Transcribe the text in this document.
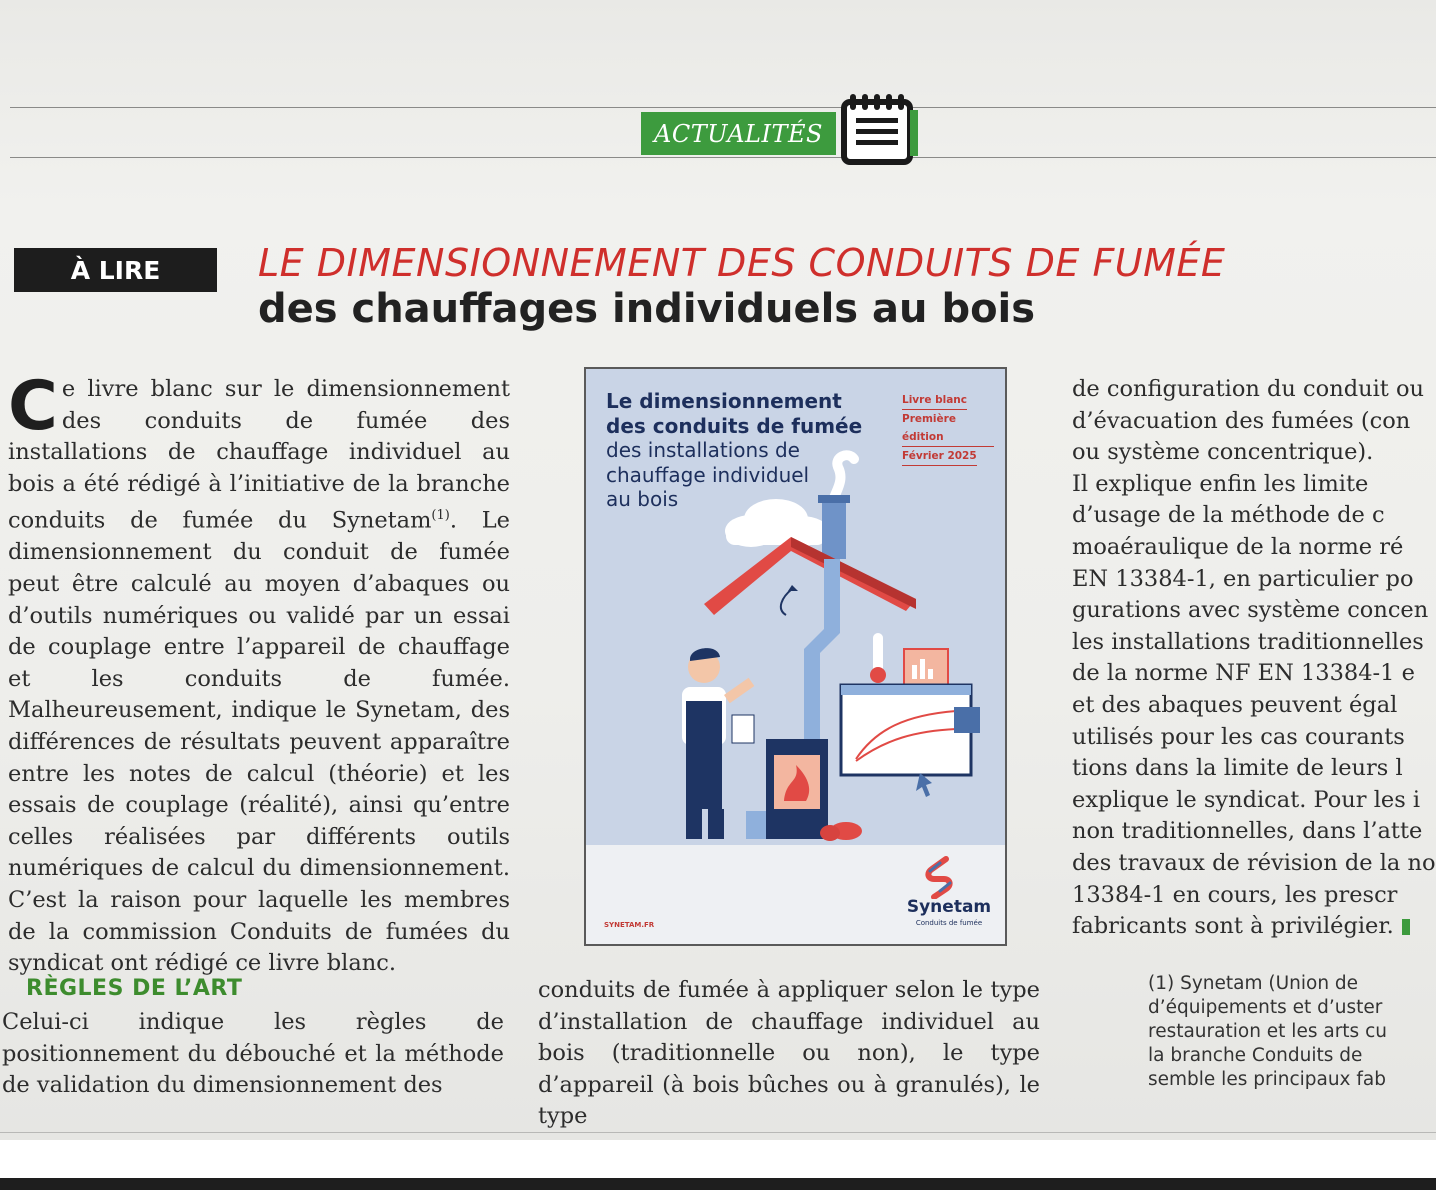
ACTUALITÉS
À LIRE	LE DIMENSIONNEMENT DES CONDUITS DE FUMÉE
des chauffages individuels au bois

Ce livre blanc sur le dimensionnement des conduits de fumée des installations de chauffage individuel au bois a été rédigé à l’initiative de la branche conduits de fumée du Synetam$^{(1)}$. Le dimensionnement du conduit de fumée peut être calculé au moyen d’abaques ou d’outils numériques ou validé par un essai de couplage entre l’appareil de chauffage et les conduits de fumée. Malheureusement, indique le Synetam, des différences de résultats peuvent apparaître entre les notes de calcul (théorie) et les essais de couplage (réalité), ainsi qu’entre celles réalisées par différents outils numériques de calcul du dimensionnement. C’est la raison pour laquelle les membres de la commission Conduits de fumées du syndicat ont rédigé ce livre blanc.

Le dimensionnement
des conduits de fumée
des installations de
chauffage individuel
au bois
Livre blanc
Première édition
Février 2025
SYNETAM.FR
Synetam
Conduits de fumée
de configuration du conduit ou
d’évacuation des fumées (con
ou système concentrique).
Il explique enfin les limite
d’usage de la méthode de c
moaéraulique de la norme ré
EN 13384-1, en particulier po
gurations avec système concen
les installations traditionnelles
de la norme NF EN 13384-1 e
et des abaques peuvent égal
utilisés pour les cas courants
tions dans la limite de leurs l
explique le syndicat. Pour les i
non traditionnelles, dans l’atte
des travaux de révision de la no
13384-1 en cours, les prescr
fabricants sont à privilégier.
RÈGLES DE L’ART

Celui-ci indique les règles de positionnement du débouché et la méthode de validation du dimensionnement des

conduits de fumée à appliquer selon le type d’installation de chauffage individuel au bois (traditionnelle ou non), le type d’appareil (à bois bûches ou à granulés), le type

(1) Synetam (Union de
d’équipements et d’uster
restauration et les arts cu
la branche Conduits de
semble les principaux fab
